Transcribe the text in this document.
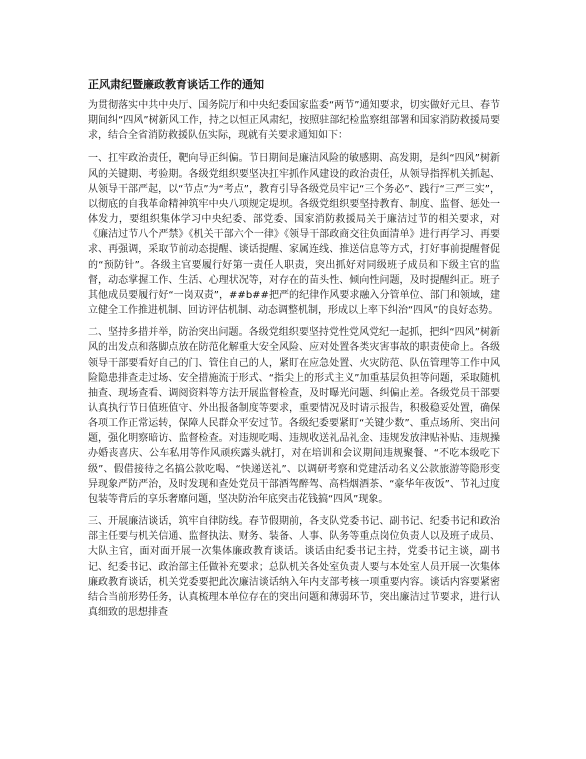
正风肃纪暨廉政教育谈话工作的通知

为贯彻落实中共中央厅、国务院厅和中央纪委国家监委“两节”通知要求，切实做好元旦、春节期间纠“四风”树新风工作，持之以恒正风肃纪，按照驻部纪检监察组部署和国家消防救援局要求，结合全省消防救援队伍实际，现就有关要求通知如下：

一、扛牢政治责任，靶向导正纠偏。节日期间是廉洁风险的敏感期、高发期，是纠“四风”树新风的关键期、考验期。各级党组织要坚决扛牢抓作风建设的政治责任，从领导指挥机关抓起、从领导干部严起，以“节点”为“考点”，教育引导各级党员牢记“三个务必”、践行“三严三实”，以彻底的自我革命精神筑牢中央八项规定堤坝。各级党组织要坚持教育、制度、监督、惩处一体发力，要组织集体学习中央纪委、部党委、国家消防救援局关于廉洁过节的相关要求，对《廉洁过节八个严禁》《机关干部六个一律》《领导干部政商交往负面清单》进行再学习、再要求、再强调，采取节前动态提醒、谈话提醒、家属连线、推送信息等方式，打好事前提醒督促的“预防针”。各级主官要履行好第一责任人职责，突出抓好对同级班子成员和下级主官的监督，动态掌握工作、生活、心理状况等，对存在的苗头性、倾向性问题，及时提醒纠正。班子其他成员要履行好“一岗双责”，##b##把严的纪律作风要求融入分管单位、部门和领域，建立健全工作推进机制、回访评估机制、动态调整机制，形成以上率下纠治“四风”的良好态势。

二、坚持多措并举，防治突出问题。各级党组织要坚持党性党风党纪一起抓，把纠“四风”树新风的出发点和落脚点放在防范化解重大安全风险、应对处置各类灾害事故的职责使命上。各级领导干部要看好自己的门、管住自己的人，紧盯在应急处置、火灾防范、队伍管理等工作中风险隐患排查走过场、安全措施流于形式、“指尖上的形式主义”加重基层负担等问题，采取随机抽查、现场查看、调阅资料等方法开展监督检查，及时曝光问题、纠偏止差。各级党员干部要认真执行节日值班值守、外出报备制度等要求，重要情况及时请示报告，积极稳妥处置，确保各项工作正常运转，保障人民群众平安过节。各级纪委要紧盯“关键少数”、重点场所、突出问题，强化明察暗访、监督检查。对违规吃喝、违规收送礼品礼金、违规发放津贴补贴、违规操办婚丧喜庆、公车私用等作风顽疾露头就打，对在培训和会议期间违规聚餐、“不吃本级吃下级”、假借接待之名搞公款吃喝、“快递送礼”、以调研考察和党建活动名义公款旅游等隐形变异现象严防严治，及时发现和查处党员干部酒驾醉驾、高档烟酒茶、“豪华年夜饭”、节礼过度包装等背后的享乐奢靡问题，坚决防治年底突击花钱搞“四风”现象。

三、开展廉洁谈话，筑牢自律防线。春节假期前，各支队党委书记、副书记、纪委书记和政治部主任要与机关信通、监督执法、财务、装备、人事、队务等重点岗位负责人以及班子成员、大队主官，面对面开展一次集体廉政教育谈话。谈话由纪委书记主持，党委书记主谈，副书记、纪委书记、政治部主任做补充要求；总队机关各处室负责人要与本处室人员开展一次集体廉政教育谈话，机关党委要把此次廉洁谈话纳入年内支部考核一项重要内容。谈话内容要紧密结合当前形势任务，认真梳理本单位存在的突出问题和薄弱环节，突出廉洁过节要求，进行认真细致的思想排查
